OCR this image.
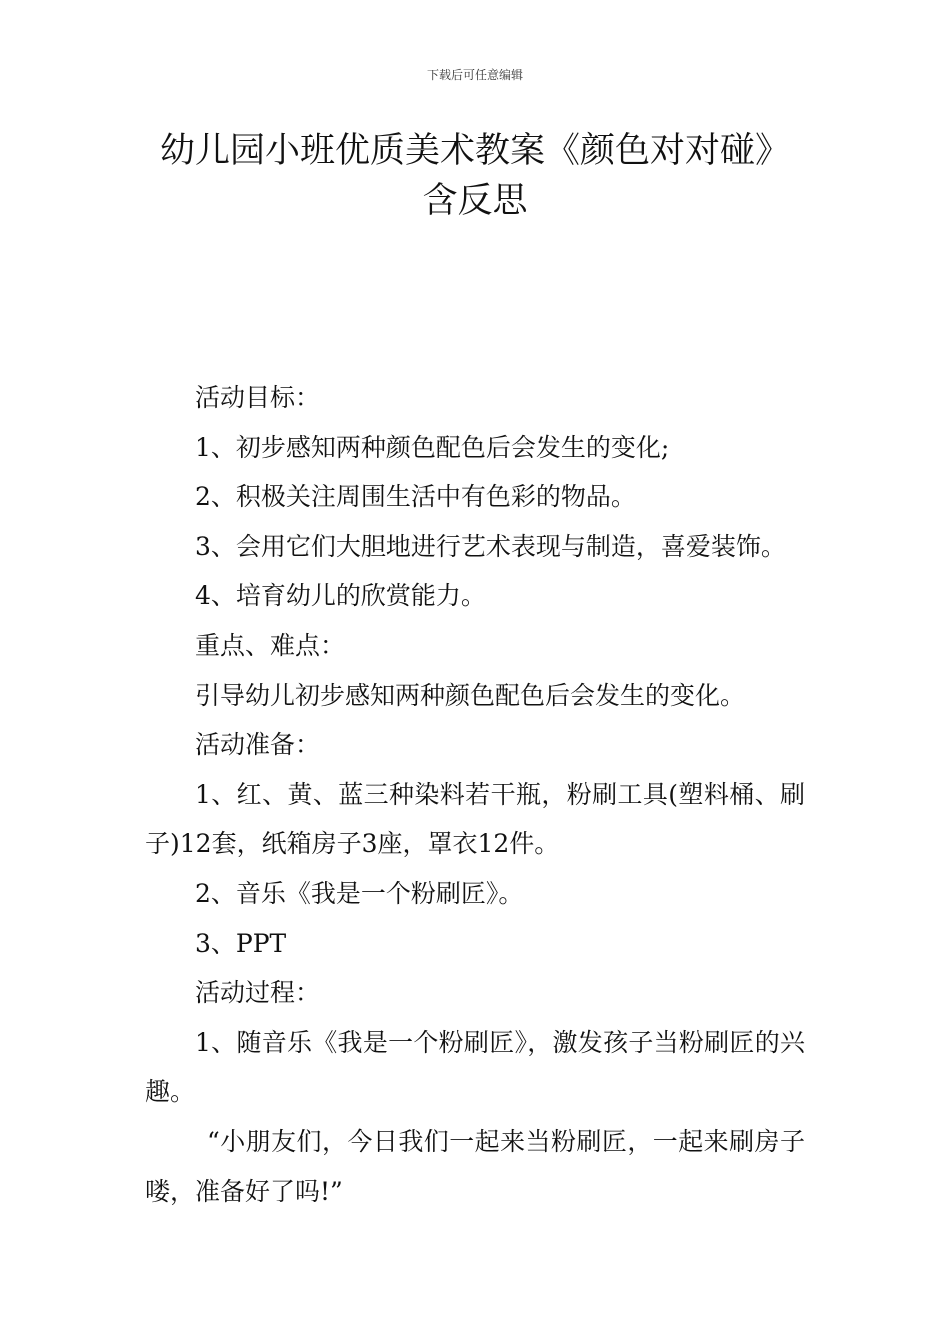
下载后可任意编辑
幼儿园小班优质美术教案《颜色对对碰》
含反思

活动目标：

1、初步感知两种颜色配色后会发生的变化;

2、积极关注周围生活中有色彩的物品。

3、会用它们大胆地进行艺术表现与制造，喜爱装饰。

4、培育幼儿的欣赏能力。

重点、难点：

引导幼儿初步感知两种颜色配色后会发生的变化。

活动准备：

1、红、黄、蓝三种染料若干瓶，粉刷工具(塑料桶、刷子)12套，纸箱房子3座，罩衣12件。

2、音乐《我是一个粉刷匠》。

3、PPT

活动过程：

1、随音乐《我是一个粉刷匠》，激发孩子当粉刷匠的兴趣。

“小朋友们，今日我们一起来当粉刷匠，一起来刷房子喽，准备好了吗!”
